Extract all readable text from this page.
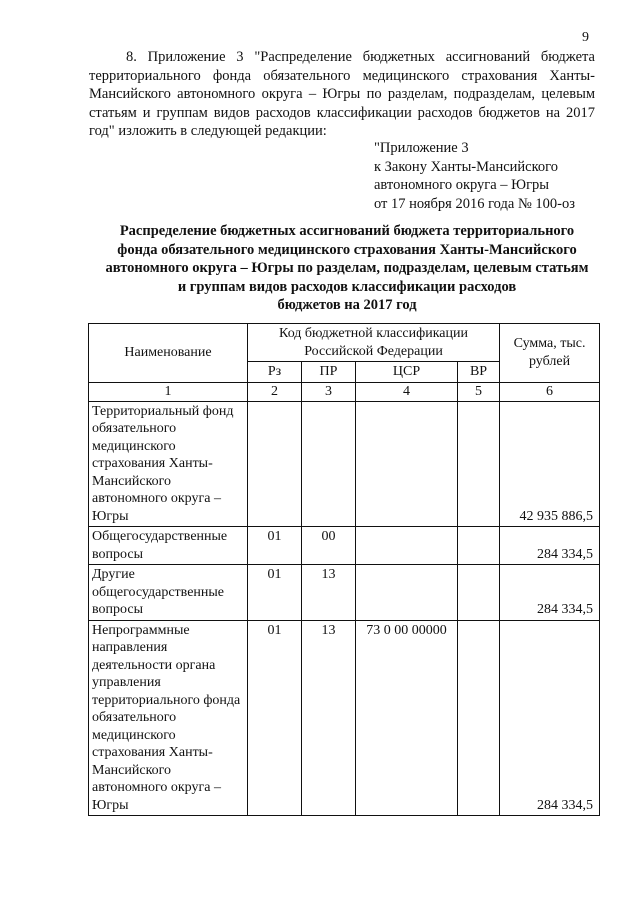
9
8. Приложение 3 "Распределение бюджетных ассигнований бюджета территориального фонда обязательного медицинского страхования Ханты-Мансийского автономного округа – Югры по разделам, подразделам, целевым статьям и группам видов расходов классификации расходов бюджетов на 2017 год" изложить в следующей редакции:
"Приложение 3
к Закону Ханты-Мансийского
автономного округа – Югры
от 17 ноября 2016 года № 100-оз
Распределение бюджетных ассигнований бюджета территориального
фонда обязательного медицинского страхования Ханты-Мансийского
автономного округа – Югры по разделам, подразделам, целевым статьям
и группам видов расходов классификации расходов
бюджетов на 2017 год
Наименование	Код бюджетной классификации Российской Федерации				Сумма, тыс. рублей
	Рз	ПР	ЦСР	ВР	
1	2	3	4	5	6
Территориальный фонд обязательного медицинского страхования Ханты-Мансийского автономного округа – Югры					42 935 886,5
Общегосударственные вопросы	01	00			284 334,5
Другие общегосударственные вопросы	01	13			284 334,5
Непрограммные направления деятельности органа управления территориального фонда обязательного медицинского страхования Ханты-Мансийского автономного округа – Югры	01	13	73 0 00 00000		284 334,5
